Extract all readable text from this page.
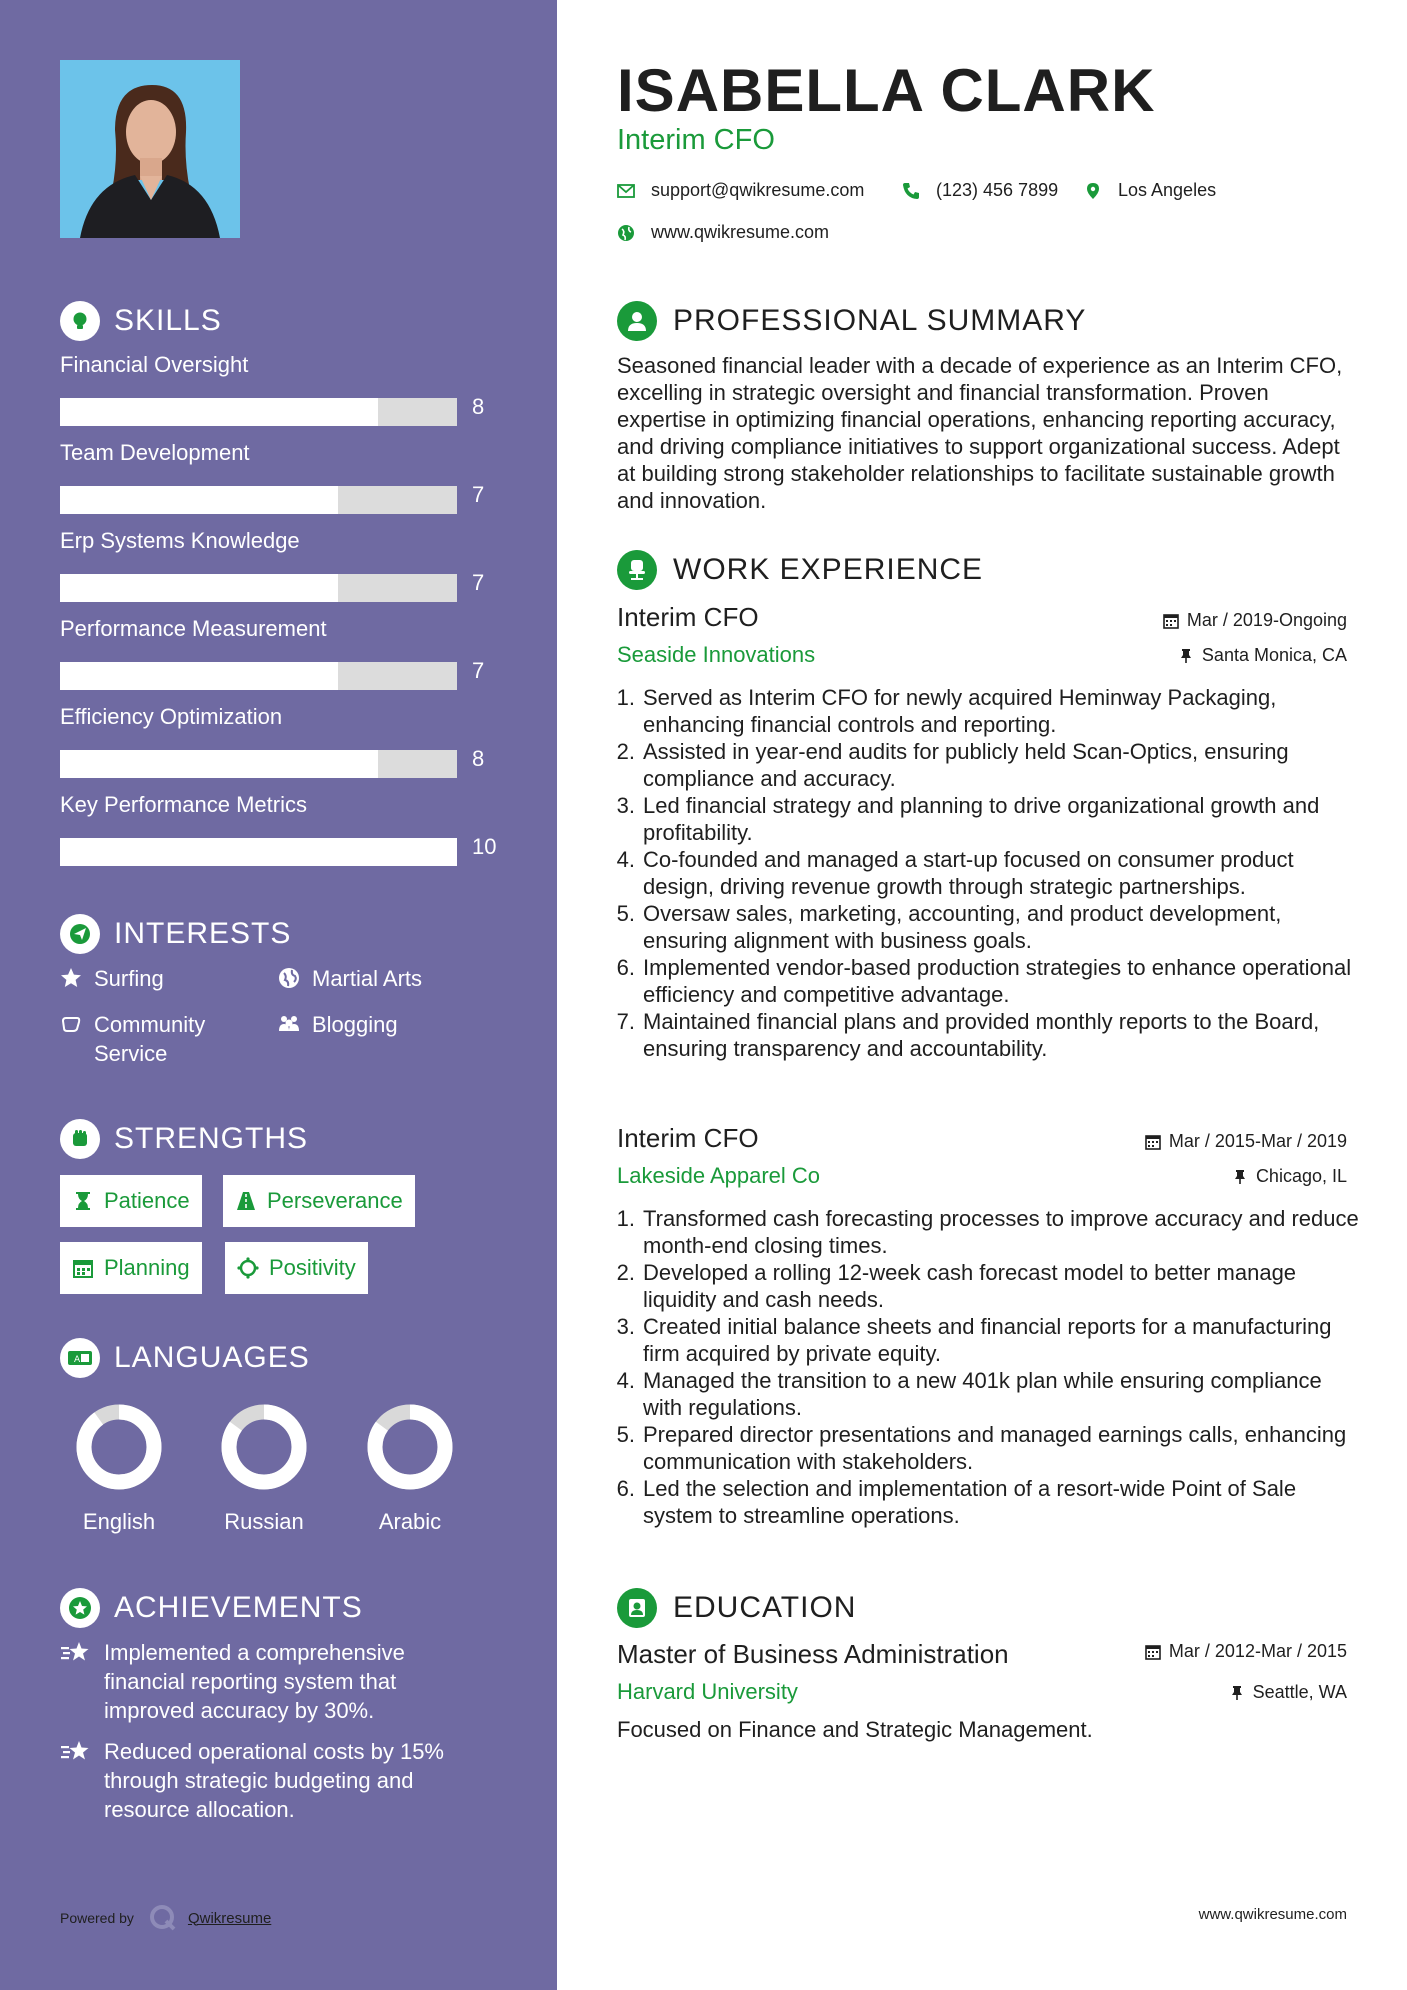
SKILLS
Financial Oversight
8
Team Development
7
Erp Systems Knowledge
7
Performance Measurement
7
Efficiency Optimization
8
Key Performance Metrics
10
INTERESTS
Surfing	Martial Arts
Community Service
Blogging
STRENGTHS
Patience	Perseverance
Planning	Positivity
A LANGUAGES
English	Russian	Arabic
ACHIEVEMENTS
Implemented a comprehensive financial reporting system that improved accuracy by 30%.
Reduced operational costs by 15% through strategic budgeting and resource allocation.
Powered by	Qwikresume
ISABELLA CLARK
Interim CFO
support@qwikresume.com	(123) 456 7899	Los Angeles
www.qwikresume.com
PROFESSIONAL SUMMARY

Seasoned financial leader with a decade of experience as an Interim CFO, excelling in strategic oversight and financial transformation. Proven expertise in optimizing financial operations, enhancing reporting accuracy, and driving compliance initiatives to support organizational success. Adept at building strong stakeholder relationships to facilitate sustainable growth and innovation.

WORK EXPERIENCE
Interim CFO	Mar / 2019-Ongoing
Seaside Innovations	Santa Monica, CA
1. Served as Interim CFO for newly acquired Heminway Packaging, enhancing financial controls and reporting.
2. Assisted in year-end audits for publicly held Scan-Optics, ensuring compliance and accuracy.
3. Led financial strategy and planning to drive organizational growth and profitability.
4. Co-founded and managed a start-up focused on consumer product design, driving revenue growth through strategic partnerships.
5. Oversaw sales, marketing, accounting, and product development, ensuring alignment with business goals.
6. Implemented vendor-based production strategies to enhance operational efficiency and competitive advantage.
7. Maintained financial plans and provided monthly reports to the Board, ensuring transparency and accountability.
Interim CFO	Mar / 2015-Mar / 2019
Lakeside Apparel Co	Chicago, IL
1. Transformed cash forecasting processes to improve accuracy and reduce month-end closing times.
2. Developed a rolling 12-week cash forecast model to better manage liquidity and cash needs.
3. Created initial balance sheets and financial reports for a manufacturing firm acquired by private equity.
4. Managed the transition to a new 401k plan while ensuring compliance with regulations.
5. Prepared director presentations and managed earnings calls, enhancing communication with stakeholders.
6. Led the selection and implementation of a resort-wide Point of Sale system to streamline operations.
EDUCATION
Master of Business Administration	Mar / 2012-Mar / 2015
Harvard University	Seattle, WA
Focused on Finance and Strategic Management.
www.qwikresume.com
